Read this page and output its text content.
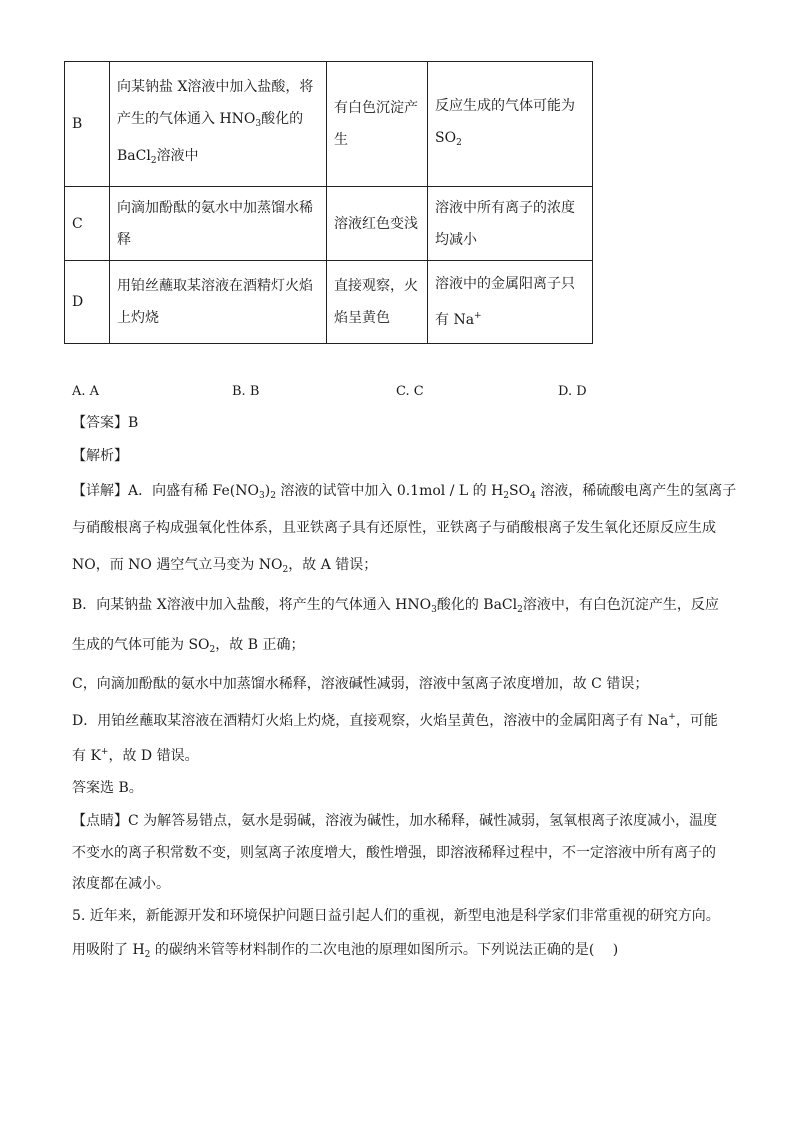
B	向某钠盐 X溶液中加入盐酸，将
产生的气体通入 $HNO_3$酸化的
BaCl$_2$溶液中	有白色沉淀产
生	反应生成的气体可能为
$SO_2$
C	向滴加酚酞的氨水中加蒸馏水稀
释	溶液红色变浅	溶液中所有离子的浓度
均减小
D	用铂丝蘸取某溶液在酒精灯火焰
上灼烧	直接观察，火
焰呈黄色	溶液中的金属阳离子只
有 Na+
A. A	B. B	C. C	D. D
【答案】B
【解析】
【详解】A．向盛有稀 $Fe(NO_3)_2$ 溶液的试管中加入 0.1mol / L 的 $H_2SO_4$ 溶液，稀硫酸电离产生的氢离子
与硝酸根离子构成强氧化性体系，且亚铁离子具有还原性，亚铁离子与硝酸根离子发生氧化还原反应生成
NO，而 NO 遇空气立马变为 $NO_2$，故 A 错误；
B．向某钠盐 X溶液中加入盐酸，将产生的气体通入 $HNO_3$酸化的 BaCl$_2$溶液中，有白色沉淀产生，反应
生成的气体可能为 $SO_2$，故 B 正确；
C，向滴加酚酞的氨水中加蒸馏水稀释，溶液碱性减弱，溶液中氢离子浓度增加，故 C 错误；
D．用铂丝蘸取某溶液在酒精灯火焰上灼烧，直接观察，火焰呈黄色，溶液中的金属阳离子有 Na+，可能
有 K+，故 D 错误。
答案选 B。
【点睛】C 为解答易错点，氨水是弱碱，溶液为碱性，加水稀释，碱性减弱，氢氧根离子浓度减小，温度
不变水的离子积常数不变，则氢离子浓度增大，酸性增强，即溶液稀释过程中，不一定溶液中所有离子的
浓度都在减小。
5. 近年来，新能源开发和环境保护问题日益引起人们的重视，新型电池是科学家们非常重视的研究方向。
用吸附了 $H_2$ 的碳纳米管等材料制作的二次电池的原理如图所示。下列说法正确的是(　 )
